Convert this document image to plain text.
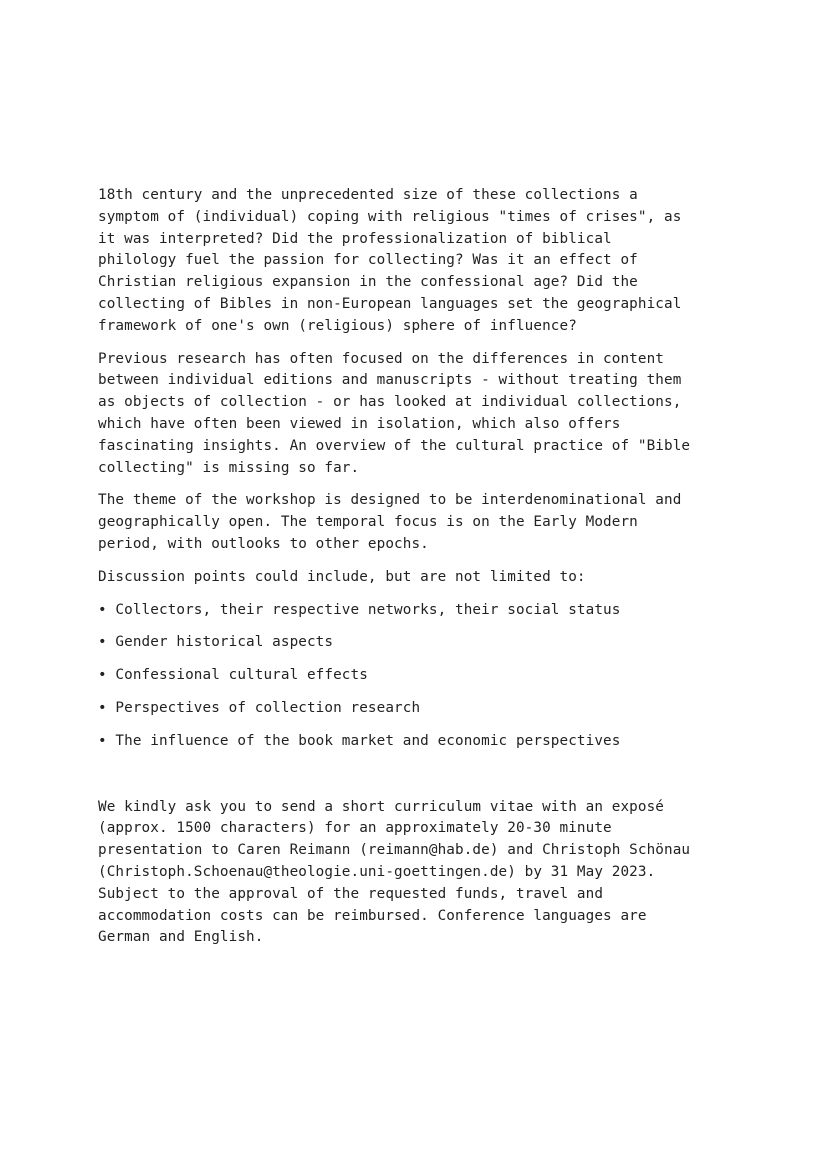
18th century and the unprecedented size of these collections a
symptom of (individual) coping with religious "times of crises", as
it was interpreted? Did the professionalization of biblical
philology fuel the passion for collecting? Was it an effect of
Christian religious expansion in the confessional age? Did the
collecting of Bibles in non-European languages set the geographical
framework of one's own (religious) sphere of influence?

Previous research has often focused on the differences in content
between individual editions and manuscripts - without treating them
as objects of collection - or has looked at individual collections,
which have often been viewed in isolation, which also offers
fascinating insights. An overview of the cultural practice of "Bible
collecting" is missing so far.

The theme of the workshop is designed to be interdenominational and
geographically open. The temporal focus is on the Early Modern
period, with outlooks to other epochs.

Discussion points could include, but are not limited to:

• Collectors, their respective networks, their social status
• Gender historical aspects
• Confessional cultural effects
• Perspectives of collection research
• The influence of the book market and economic perspectives

We kindly ask you to send a short curriculum vitae with an exposé
(approx. 1500 characters) for an approximately 20-30 minute
presentation to Caren Reimann (reimann@hab.de) and Christoph Schönau
(Christoph.Schoenau@theologie.uni-goettingen.de) by 31 May 2023.
Subject to the approval of the requested funds, travel and
accommodation costs can be reimbursed. Conference languages are
German and English.
